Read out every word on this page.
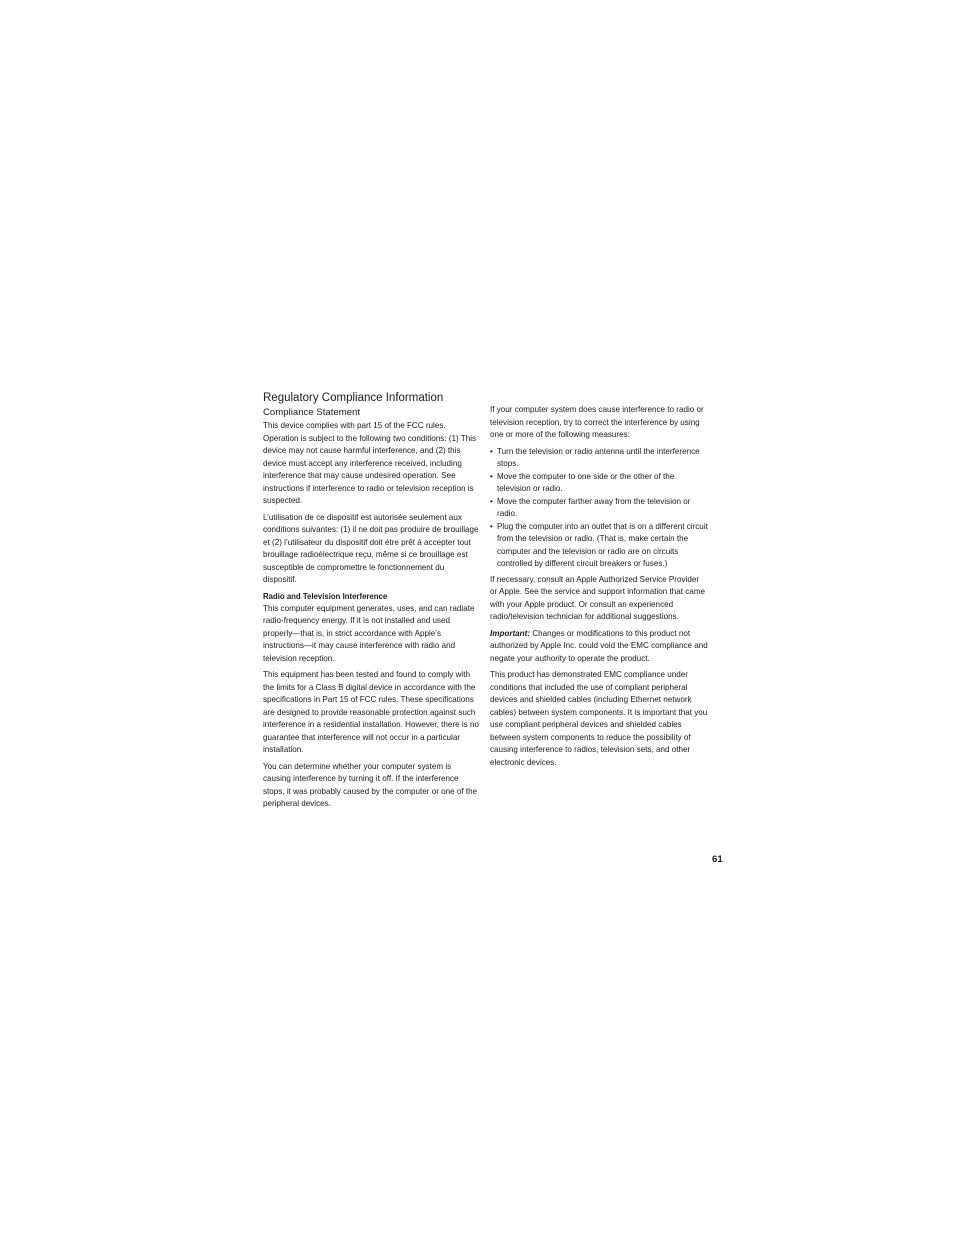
Regulatory Compliance Information
Compliance Statement

This device complies with part 15 of the FCC rules. Operation is subject to the following two conditions: (1) This device may not cause harmful interference, and (2) this device must accept any interference received, including interference that may cause undesired operation. See instructions if interference to radio or television reception is suspected.

L’utilisation de ce dispositif est autorisée seulement aux conditions suivantes: (1) il ne doit pas produire de brouillage et (2) l’utilisateur du dispositif doit étre prêt à accepter tout brouillage radioélectrique reçu, même si ce brouillage est susceptible de compromettre le fonctionnement du dispositif.

Radio and Television Interference

This computer equipment generates, uses, and can radiate radio-frequency energy. If it is not installed and used properly—that is, in strict accordance with Apple’s instructions—it may cause interference with radio and television reception.

This equipment has been tested and found to comply with the limits for a Class B digital device in accordance with the specifications in Part 15 of FCC rules. These specifications are designed to provide reasonable protection against such interference in a residential installation. However, there is no guarantee that interference will not occur in a particular installation.

You can determine whether your computer system is causing interference by turning it off. If the interference stops, it was probably caused by the computer or one of the peripheral devices.

If your computer system does cause interference to radio or television reception, try to correct the interference by using one or more of the following measures:

• Turn the television or radio antenna until the interference stops.
• Move the computer to one side or the other of the television or radio.
• Move the computer farther away from the television or radio.
• Plug the computer into an outlet that is on a different circuit from the television or radio. (That is, make certain the computer and the television or radio are on circuits controlled by different circuit breakers or fuses.)

If necessary, consult an Apple Authorized Service Provider or Apple. See the service and support information that came with your Apple product. Or consult an experienced radio/television technician for additional suggestions.

Important: Changes or modifications to this product not authorized by Apple Inc. could void the EMC compliance and negate your authority to operate the product.

This product has demonstrated EMC compliance under conditions that included the use of compliant peripheral devices and shielded cables (including Ethernet network cables) between system components. It is important that you use compliant peripheral devices and shielded cables between system components to reduce the possibility of causing interference to radios, television sets, and other electronic devices.

61
